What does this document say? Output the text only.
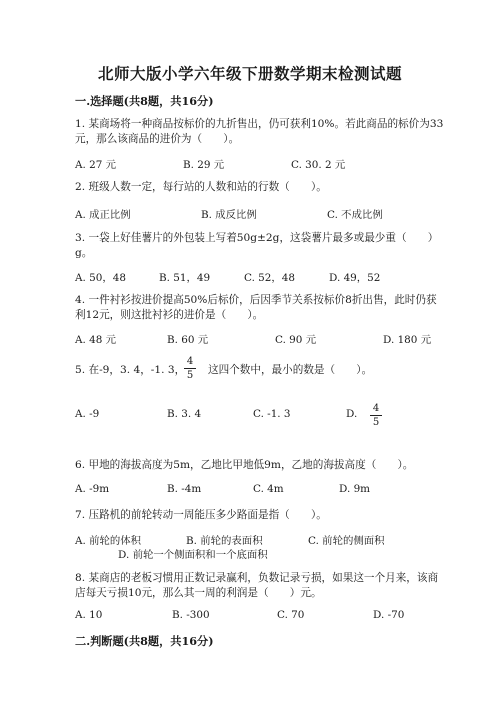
北师大版小学六年级下册数学期末检测试题
一.选择题(共8题，共16分)
1. 某商场将一种商品按标价的九折售出，仍可获利10%。若此商品的标价为33
元，那么该商品的进价为（　　）。
A. 27 元	B. 29 元	C. 30. 2 元
2. 班级人数一定，每行站的人数和站的行数（　　）。
A. 成正比例	B. 成反比例	C. 不成比例
3. 一袋上好佳薯片的外包装上写着50g±2g，这袋薯片最多或最少重（　　）
g。
A. 50，48	B. 51，49	C. 52，48	D. 49，52
4. 一件衬衫按进价提高50%后标价，后因季节关系按标价8折出售，此时仍获
利12元，则这批衬衫的进价是（　　）。
A. 48 元	B. 60 元	C. 90 元	D. 180 元
5. 在-9，3. 4，-1. 3，
4
5 这四个数中，最小的数是（　　）。
A. -9	B. 3. 4	C. -1. 3	D. 4
5
6. 甲地的海拔高度为5m，乙地比甲地低9m，乙地的海拔高度（　　）。
A. -9m	B. -4m	C. 4m	D. 9m
7. 压路机的前轮转动一周能压多少路面是指（　　）。
A. 前轮的体积	B. 前轮的表面积	C. 前轮的侧面积
D. 前轮一个侧面积和一个底面积
8. 某商店的老板习惯用正数记录赢利，负数记录亏损，如果这一个月来，该商
店每天亏损10元，那么其一周的利润是（　　）元。
A. 10	B. -300	C. 70	D. -70
二.判断题(共8题，共16分)
